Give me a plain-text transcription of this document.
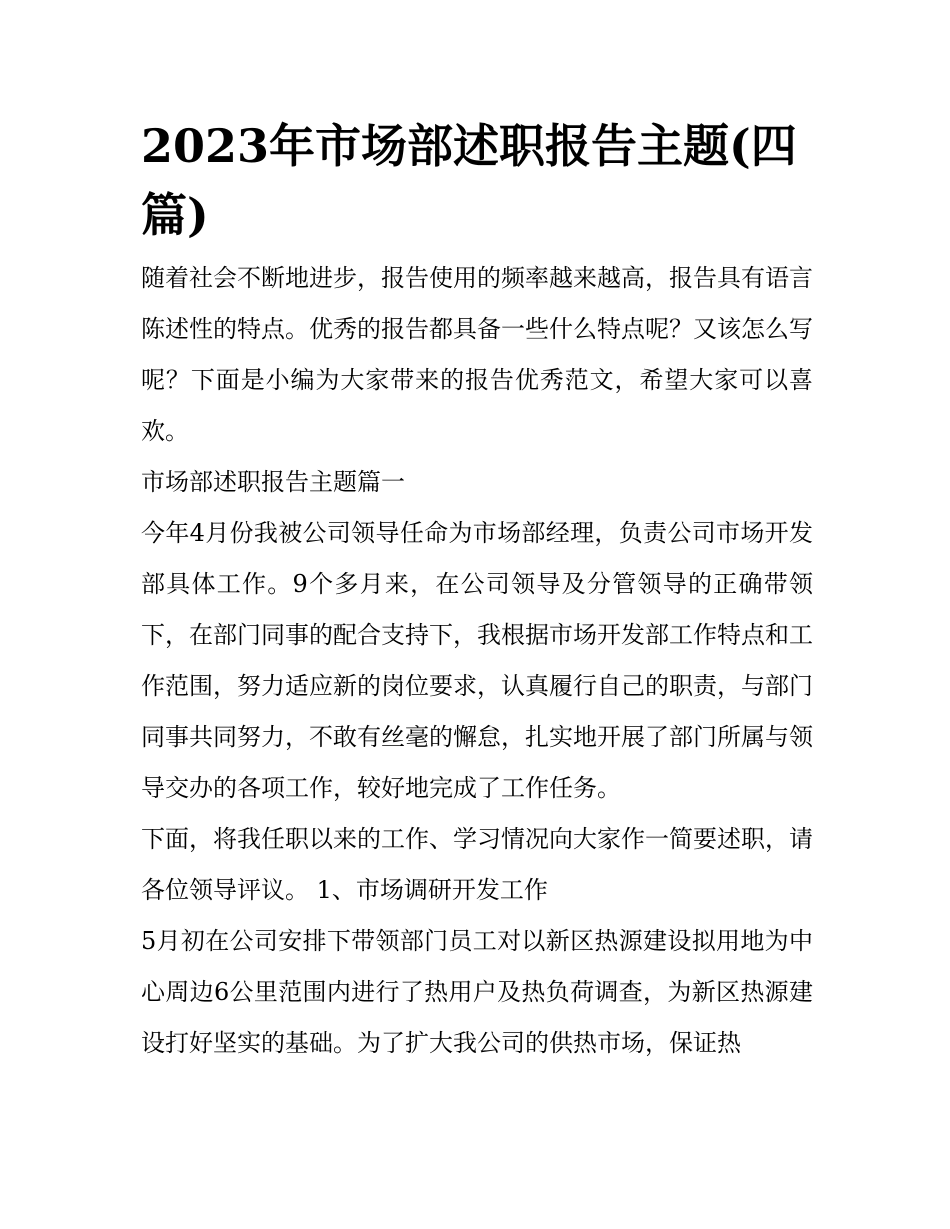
2023年市场部述职报告主题(四篇)

随着社会不断地进步，报告使用的频率越来越高，报告具有语言陈述性的特点。优秀的报告都具备一些什么特点呢？又该怎么写呢？下面是小编为大家带来的报告优秀范文，希望大家可以喜欢。

市场部述职报告主题篇一

今年4月份我被公司领导任命为市场部经理，负责公司市场开发部具体工作。9个多月来，在公司领导及分管领导的正确带领下，在部门同事的配合支持下，我根据市场开发部工作特点和工作范围，努力适应新的岗位要求，认真履行自己的职责，与部门同事共同努力，不敢有丝毫的懈怠，扎实地开展了部门所属与领导交办的各项工作，较好地完成了工作任务。

下面，将我任职以来的工作、学习情况向大家作一简要述职，请各位领导评议。 1、市场调研开发工作

5月初在公司安排下带领部门员工对以新区热源建设拟用地为中心周边6公里范围内进行了热用户及热负荷调查，为新区热源建设打好坚实的基础。为了扩大我公司的供热市场，保证热
